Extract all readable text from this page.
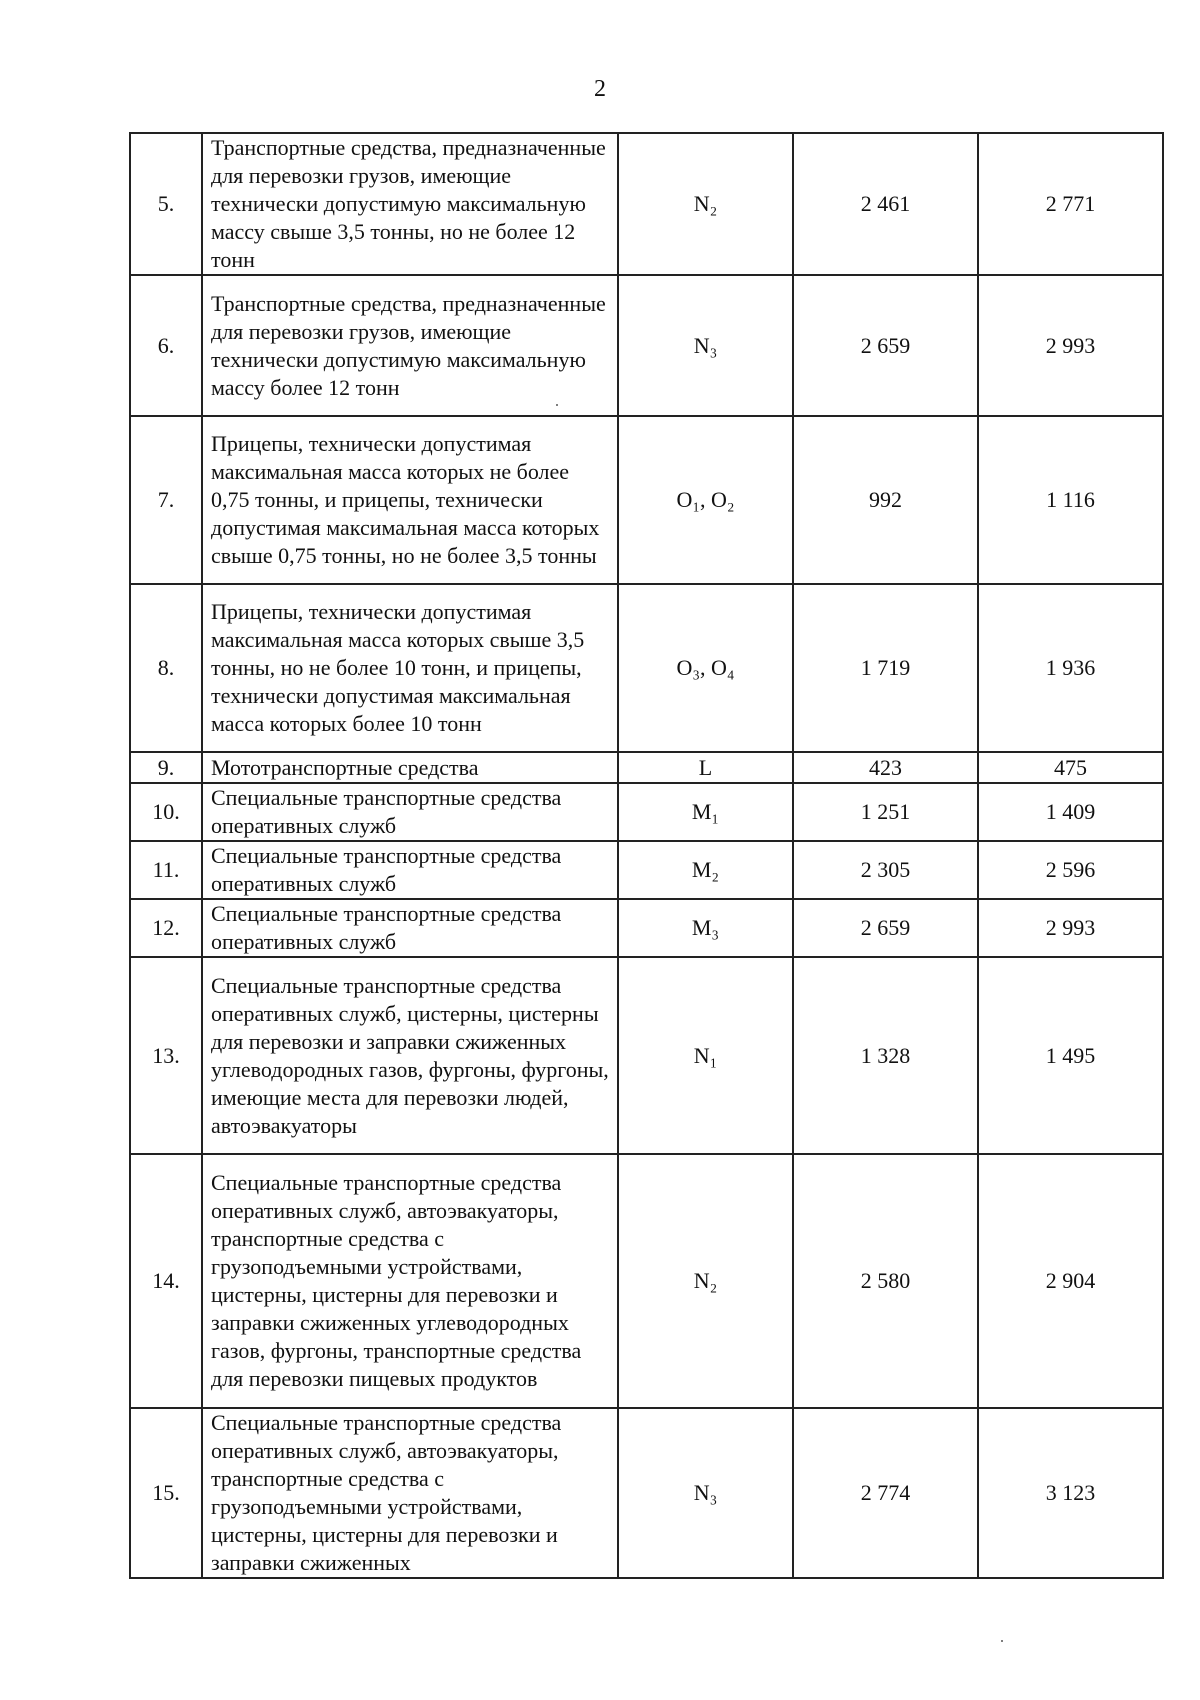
2
5.	Транспортные средства, предназначенные для перевозки грузов, имеющие технически допустимую максимальную массу свыше 3,5 тонны, но не более 12 тонн	N₂	2 461	2 771
6.	Транспортные средства, предназначенные для перевозки грузов, имеющие технически допустимую максимальную массу более 12 тонн	N₃	2 659	2 993
7.	Прицепы, технически допустимая максимальная масса которых не более 0,75 тонны, и прицепы, технически допустимая максимальная масса которых свыше 0,75 тонны, но не более 3,5 тонны	O₁, O₂	992	1 116
8.	Прицепы, технически допустимая максимальная масса которых свыше 3,5 тонны, но не более 10 тонн, и прицепы, технически допустимая максимальная масса которых более 10 тонн	O₃, O₄	1 719	1 936
9.	Мототранспортные средства	L	423	475
10.	Специальные транспортные средства оперативных служб	M₁	1 251	1 409
11.	Специальные транспортные средства оперативных служб	M₂	2 305	2 596
12.	Специальные транспортные средства оперативных служб	M₃	2 659	2 993
13.	Специальные транспортные средства оперативных служб, цистерны, цистерны для перевозки и заправки сжиженных углеводородных газов, фургоны, фургоны, имеющие места для перевозки людей, автоэвакуаторы	N₁	1 328	1 495
14.	Специальные транспортные средства оперативных служб, автоэвакуаторы, транспортные средства с грузоподъемными устройствами, цистерны, цистерны для перевозки и заправки сжиженных углеводородных газов, фургоны, транспортные средства для перевозки пищевых продуктов	N₂	2 580	2 904
15.	Специальные транспортные средства оперативных служб, автоэвакуаторы, транспортные средства с грузоподъемными устройствами, цистерны, цистерны для перевозки и заправки сжиженных	N₃	2 774	3 123
